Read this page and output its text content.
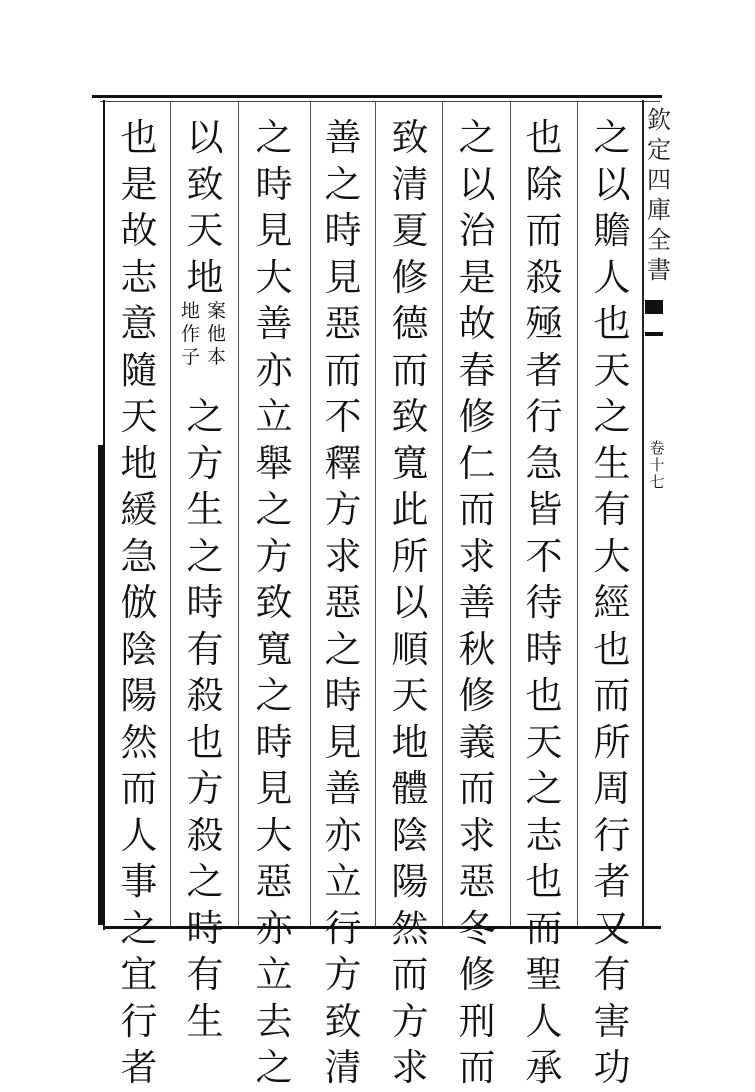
欽
定
四
庫
全
書
卷
十
七
之
以
贍
人
也
天
之
生
有
大
經
也
而
所
周
行
者
又
有
害
功
也
除
而
殺
殛
者
行
急
皆
不
待
時
也
天
之
志
也
而
聖
人
承
之
以
治
是
故
春
修
仁
而
求
善
秋
修
義
而
求
惡
冬
修
刑
而
致
清
夏
修
德
而
致
寬
此
所
以
順
天
地
體
陰
陽
然
而
方
求
善
之
時
見
惡
而
不
釋
方
求
惡
之
時
見
善
亦
立
行
方
致
清
之
時
見
大
善
亦
立
舉
之
方
致
寬
之
時
見
大
惡
亦
立
去
之
以
致
天
地
案
他
本
地
作
子
之
方
生
之
時
有
殺
也
方
殺
之
時
有
生
也
是
故
志
意
隨
天
地
緩
急
倣
陰
陽
然
而
人
事
之
宜
行
者
